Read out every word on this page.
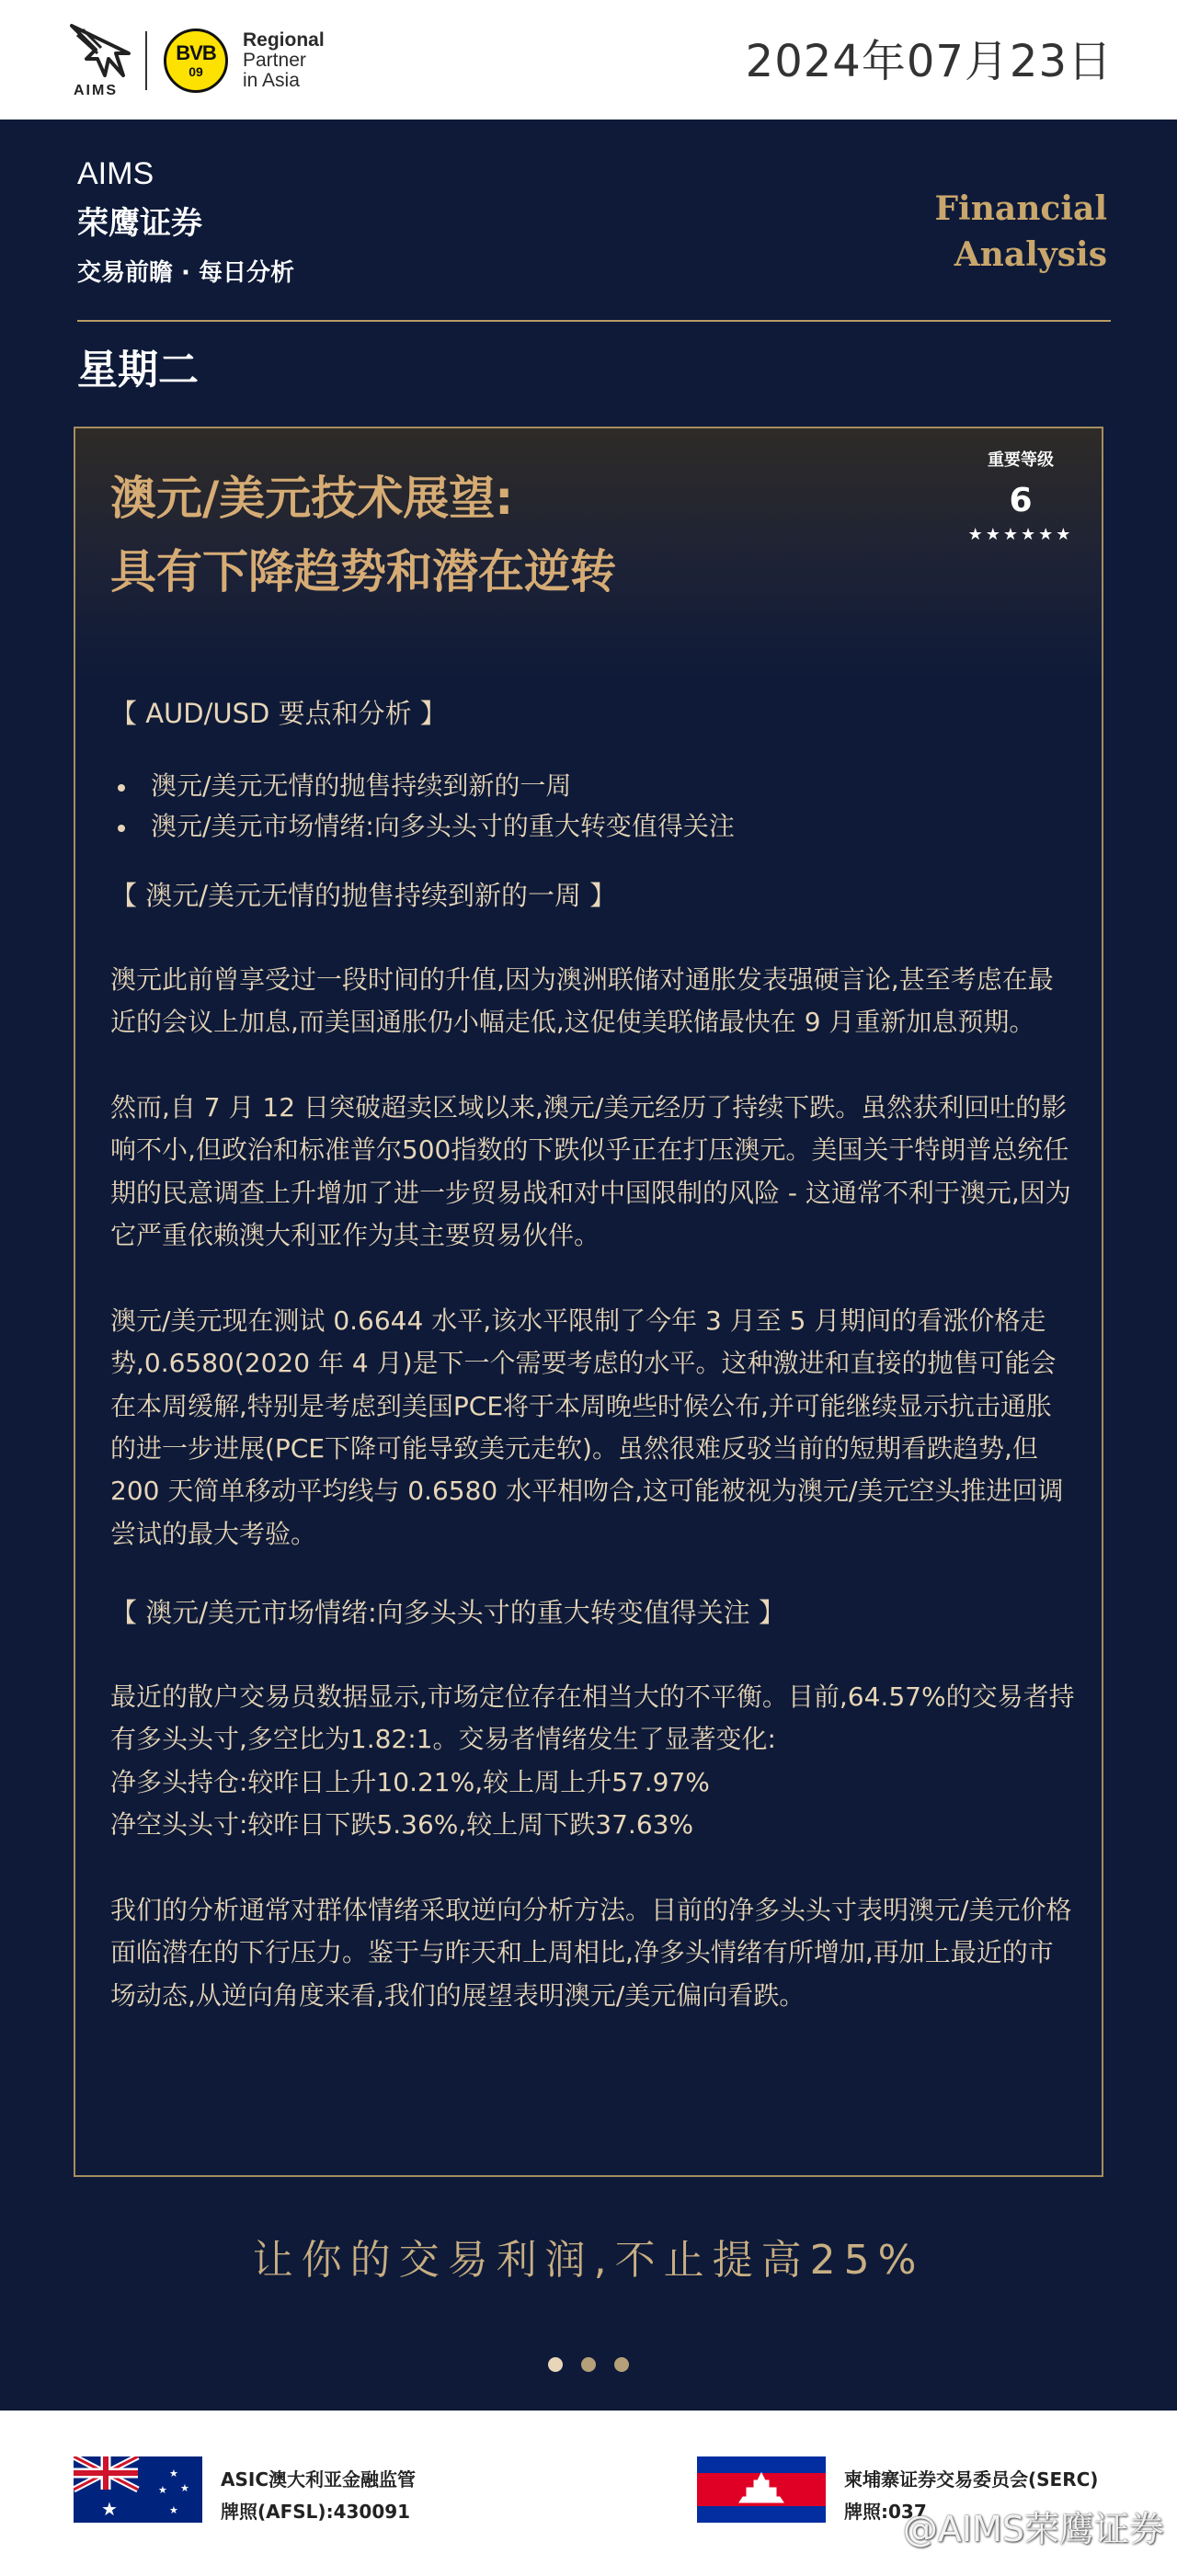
AIMS
BVB
09
Regional
Partner
in Asia	2024年07月23日
AIMS
荣鹰证券
交易前瞻 · 每日分析
Financial
Analysis
星期二
澳元/美元技术展望:
具有下降趋势和潜在逆转
重要等级
6
★★★★★★
【 AUD/USD 要点和分析 】
澳元/美元无情的抛售持续到新的一周
澳元/美元市场情绪:向多头头寸的重大转变值得关注
【 澳元/美元无情的抛售持续到新的一周 】

澳元此前曾享受过一段时间的升值,因为澳洲联储对通胀发表强硬言论,甚至考虑在最近的会议上加息,而美国通胀仍小幅走低,这促使美联储最快在 9 月重新加息预期。

然而,自 7 月 12 日突破超卖区域以来,澳元/美元经历了持续下跌。虽然获利回吐的影响不小,但政治和标准普尔500指数的下跌似乎正在打压澳元。美国关于特朗普总统任期的民意调查上升增加了进一步贸易战和对中国限制的风险 - 这通常不利于澳元,因为它严重依赖澳大利亚作为其主要贸易伙伴。

澳元/美元现在测试 0.6644 水平,该水平限制了今年 3 月至 5 月期间的看涨价格走势,0.6580(2020 年 4 月)是下一个需要考虑的水平。这种激进和直接的抛售可能会在本周缓解,特别是考虑到美国PCE将于本周晚些时候公布,并可能继续显示抗击通胀的进一步进展(PCE下降可能导致美元走软)。虽然很难反驳当前的短期看跌趋势,但 200 天简单移动平均线与 0.6580 水平相吻合,这可能被视为澳元/美元空头推进回调尝试的最大考验。

【 澳元/美元市场情绪:向多头头寸的重大转变值得关注 】

最近的散户交易员数据显示,市场定位存在相当大的不平衡。目前,64.57%的交易者持有多头头寸,多空比为1.82:1。交易者情绪发生了显著变化:

净多头持仓:较昨日上升10.21%,较上周上升57.97%

净空头头寸:较昨日下跌5.36%,较上周下跌37.63%

我们的分析通常对群体情绪采取逆向分析方法。目前的净多头头寸表明澳元/美元价格面临潜在的下行压力。鉴于与昨天和上周相比,净多头情绪有所增加,再加上最近的市场动态,从逆向角度来看,我们的展望表明澳元/美元偏向看跌。

让你的交易利润,不止提高25%
★
★
★ ★
★
ASIC澳大利亚金融监管
牌照(AFSL):430091
柬埔寨证券交易委员会(SERC)
牌照:037
@AIMS荣鹰证券
